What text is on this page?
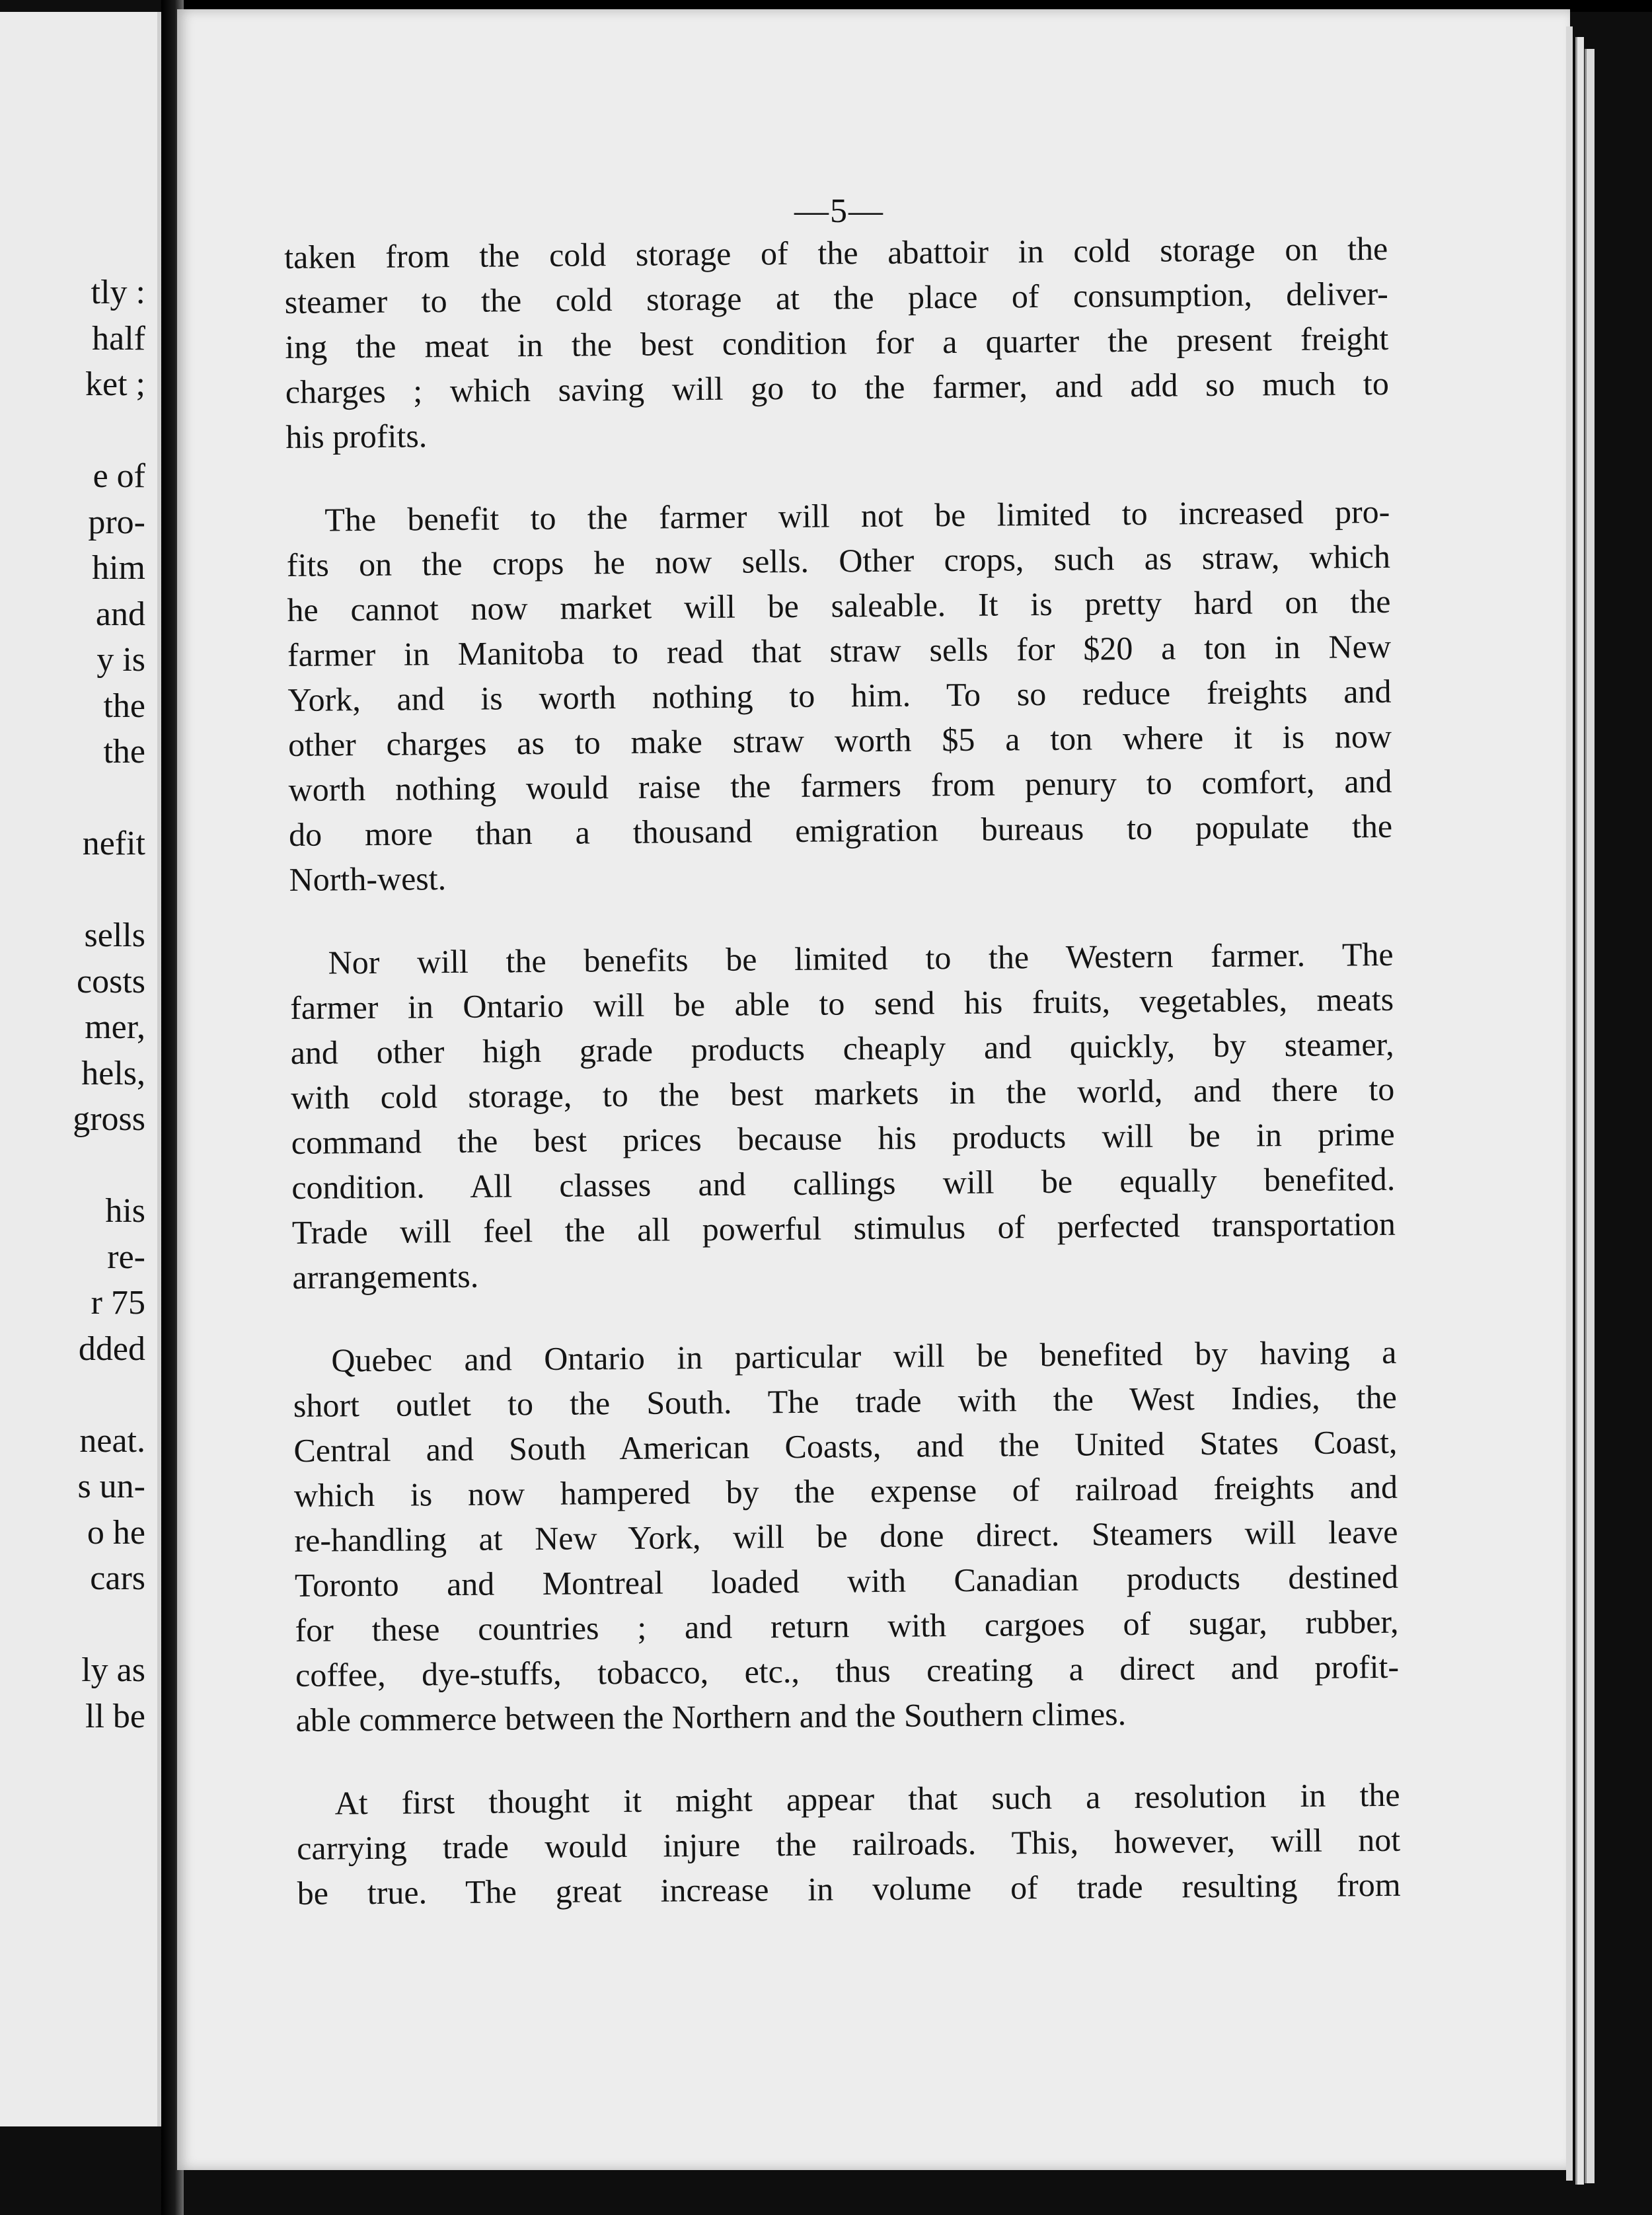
tly :
half
ket ;
e of
pro-
him
and
y is
the
the
nefit
sells
costs
mer,
hels,
gross
his
re-
r 75
dded
neat.
s un-
o he
cars
ly as
ll be
—5—
taken from the cold storage of the abattoir in cold storage on the
steamer to the cold storage at the place of consumption, deliver-
ing the meat in the best condition for a quarter the present freight
charges ; which saving will go to the farmer, and add so much to
his profits.
The benefit to the farmer will not be limited to increased pro-
fits on the crops he now sells. Other crops, such as straw, which
he cannot now market will be saleable. It is pretty hard on the
farmer in Manitoba to read that straw sells for $20 a ton in New
York, and is worth nothing to him. To so reduce freights and
other charges as to make straw worth $5 a ton where it is now
worth nothing would raise the farmers from penury to comfort, and
do more than a thousand emigration bureaus to populate the
North-west.
Nor will the benefits be limited to the Western farmer. The
farmer in Ontario will be able to send his fruits, vegetables, meats
and other high grade products cheaply and quickly, by steamer,
with cold storage, to the best markets in the world, and there to
command the best prices because his products will be in prime
condition. All classes and callings will be equally benefited.
Trade will feel the all powerful stimulus of perfected transportation
arrangements.
Quebec and Ontario in particular will be benefited by having a
short outlet to the South. The trade with the West Indies, the
Central and South American Coasts, and the United States Coast,
which is now hampered by the expense of railroad freights and
re-handling at New York, will be done direct. Steamers will leave
Toronto and Montreal loaded with Canadian products destined
for these countries ; and return with cargoes of sugar, rubber,
coffee, dye-stuffs, tobacco, etc., thus creating a direct and profit-
able commerce between the Northern and the Southern climes.
At first thought it might appear that such a resolution in the
carrying trade would injure the railroads. This, however, will not
be true. The great increase in volume of trade resulting from
